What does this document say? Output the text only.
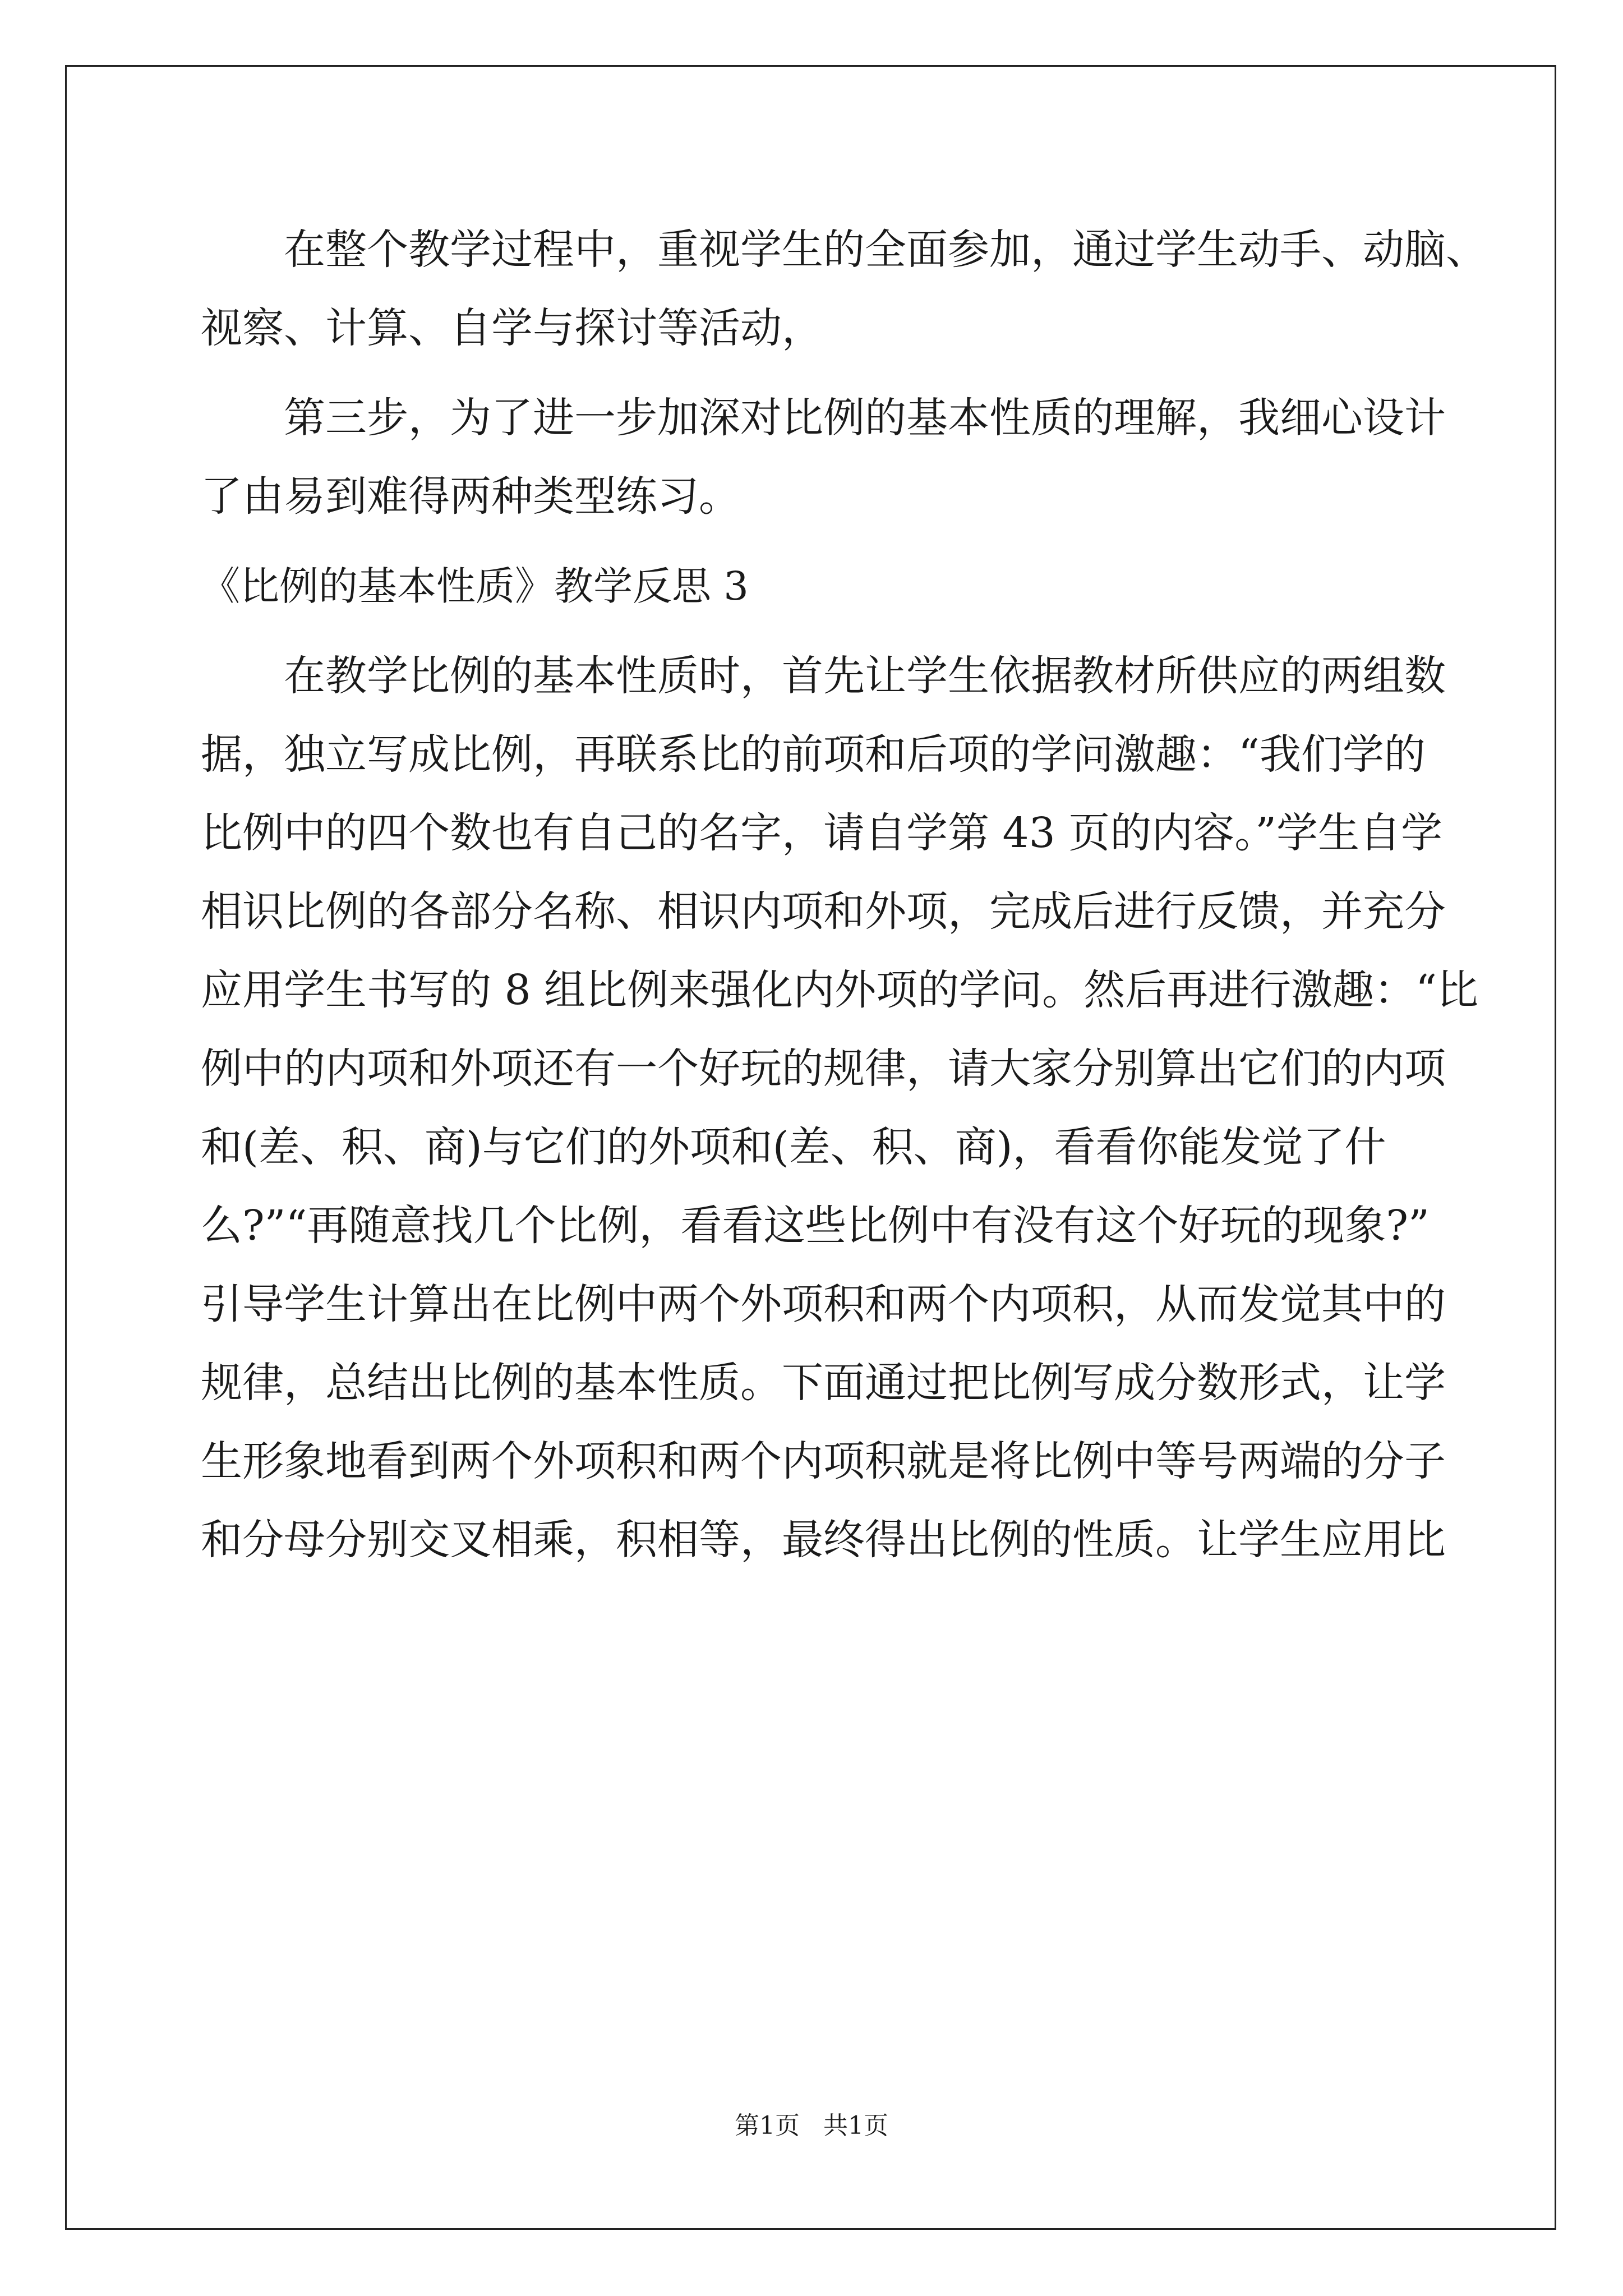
在整个教学过程中，重视学生的全面参加，通过学生动手、动脑、
视察、计算、自学与探讨等活动，
第三步，为了进一步加深对比例的基本性质的理解，我细心设计
了由易到难得两种类型练习。
《比例的基本性质》教学反思 3
在教学比例的基本性质时，首先让学生依据教材所供应的两组数
据，独立写成比例，再联系比的前项和后项的学问激趣：“我们学的
比例中的四个数也有自己的名字，请自学第 43 页的内容。”学生自学
相识比例的各部分名称、相识内项和外项，完成后进行反馈，并充分
应用学生书写的 8 组比例来强化内外项的学问。然后再进行激趣：“比
例中的内项和外项还有一个好玩的规律，请大家分别算出它们的内项
和(差、积、商)与它们的外项和(差、积、商)，看看你能发觉了什
么?”“再随意找几个比例，看看这些比例中有没有这个好玩的现象?”
引导学生计算出在比例中两个外项积和两个内项积，从而发觉其中的
规律，总结出比例的基本性质。下面通过把比例写成分数形式，让学
生形象地看到两个外项积和两个内项积就是将比例中等号两端的分子
和分母分别交叉相乘，积相等，最终得出比例的性质。让学生应用比
第1页   共1页
